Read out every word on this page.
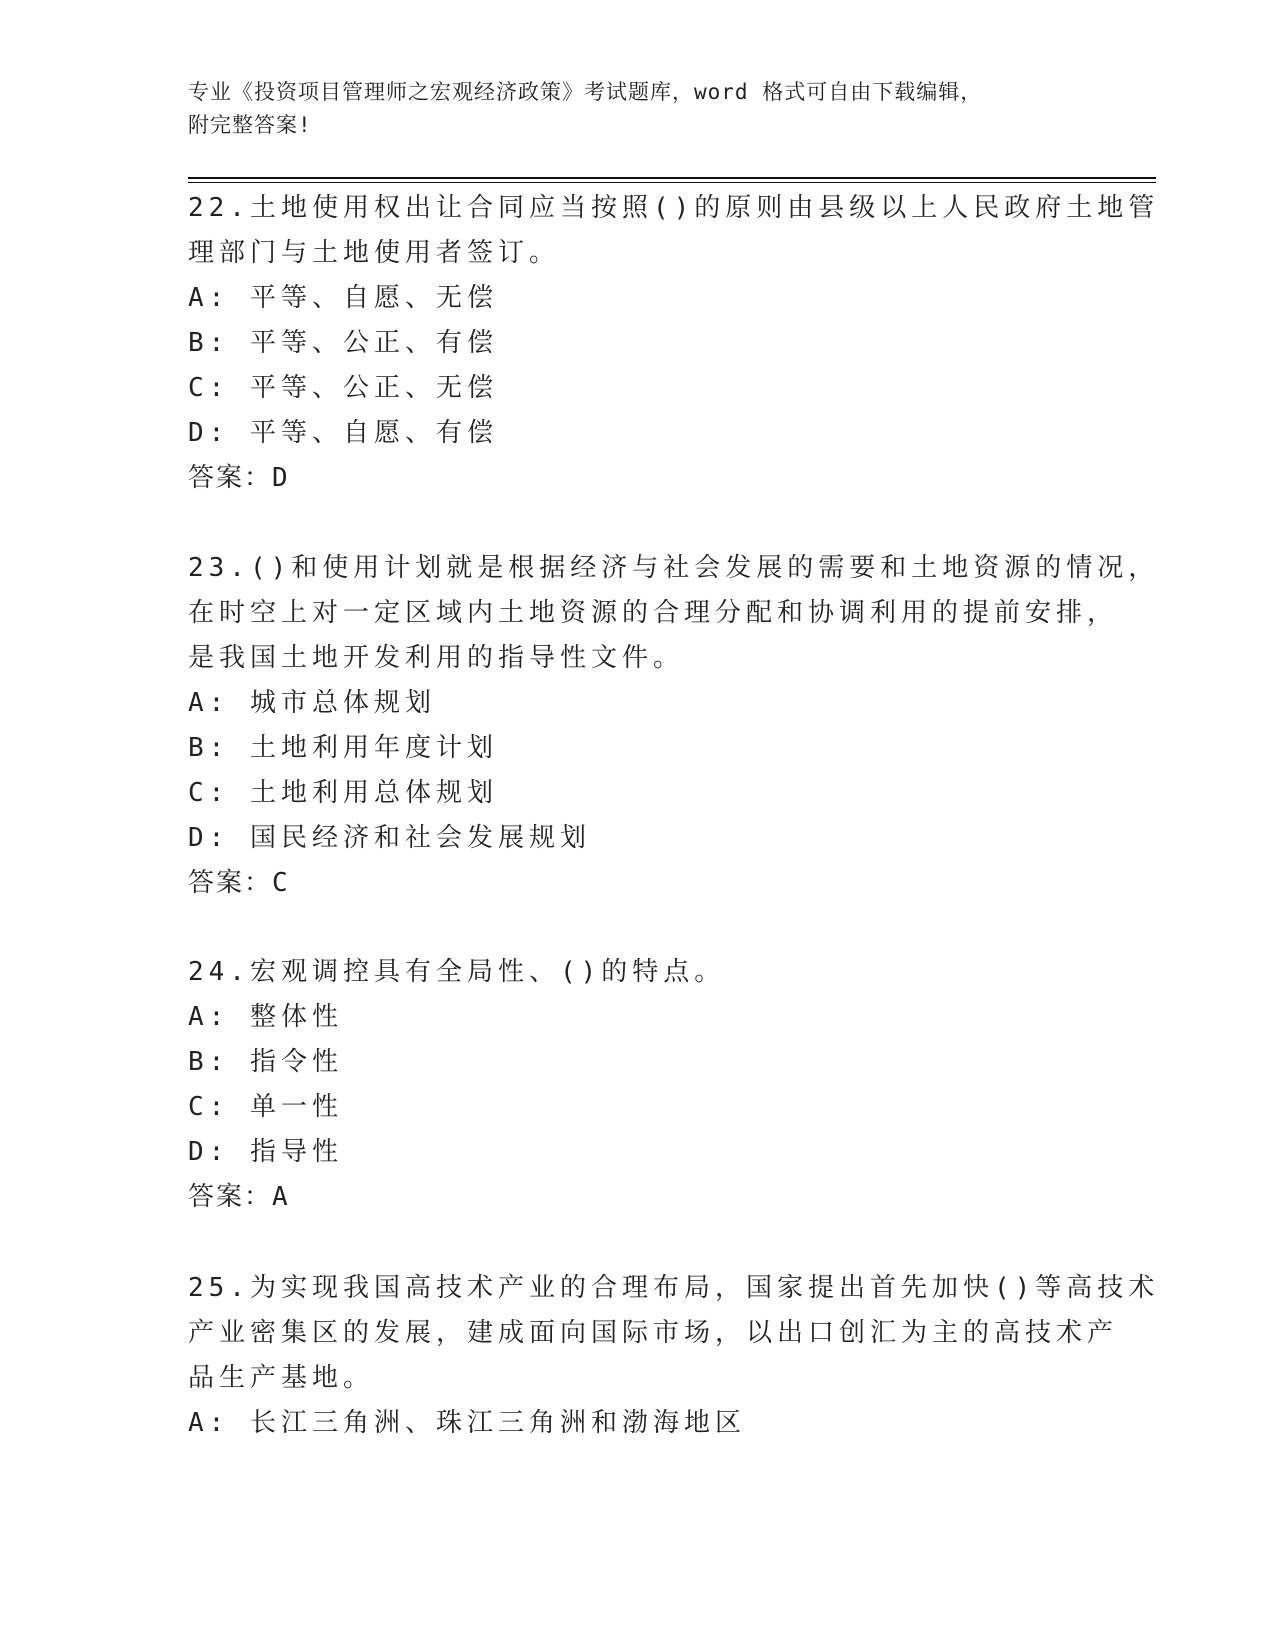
专业《投资项目管理师之宏观经济政策》考试题库，word 格式可自由下载编辑，
附完整答案!
22.土地使用权出让合同应当按照()的原则由县级以上人民政府土地管
理部门与土地使用者签订。
A: 平等、自愿、无偿
B: 平等、公正、有偿
C: 平等、公正、无偿
D: 平等、自愿、有偿
答案：D
23.()和使用计划就是根据经济与社会发展的需要和土地资源的情况，
在时空上对一定区域内土地资源的合理分配和协调利用的提前安排，
是我国土地开发利用的指导性文件。
A: 城市总体规划
B: 土地利用年度计划
C: 土地利用总体规划
D: 国民经济和社会发展规划
答案：C
24.宏观调控具有全局性、()的特点。
A: 整体性
B: 指令性
C: 单一性
D: 指导性
答案：A
25.为实现我国高技术产业的合理布局，国家提出首先加快()等高技术
产业密集区的发展，建成面向国际市场，以出口创汇为主的高技术产
品生产基地。
A: 长江三角洲、珠江三角洲和渤海地区
